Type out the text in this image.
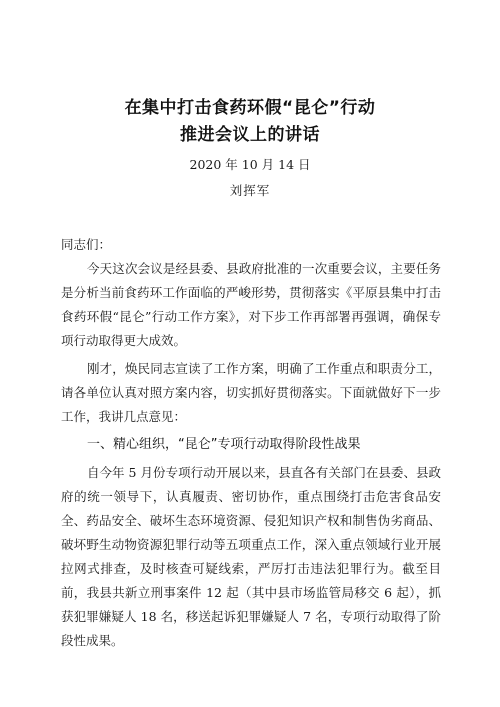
在集中打击食药环假“昆仑”行动
推进会议上的讲话
2020 年 10 月 14 日
刘挥军

同志们：

今天这次会议是经县委、县政府批准的一次重要会议，主要任务是分析当前食药环工作面临的严峻形势，贯彻落实《平原县集中打击食药环假“昆仑”行动工作方案》，对下步工作再部署再强调，确保专项行动取得更大成效。

刚才，焕民同志宣读了工作方案，明确了工作重点和职责分工，请各单位认真对照方案内容，切实抓好贯彻落实。下面就做好下一步工作，我讲几点意见：

一、精心组织，“昆仑”专项行动取得阶段性战果

自今年 5 月份专项行动开展以来，县直各有关部门在县委、县政府的统一领导下，认真履责、密切协作，重点围绕打击危害食品安全、药品安全、破坏生态环境资源、侵犯知识产权和制售伪劣商品、破坏野生动物资源犯罪行动等五项重点工作，深入重点领域行业开展拉网式排查，及时核查可疑线索，严厉打击违法犯罪行为。截至目前，我县共新立刑事案件 12 起（其中县市场监管局移交 6 起），抓获犯罪嫌疑人 18 名，移送起诉犯罪嫌疑人 7 名，专项行动取得了阶段性成果。
